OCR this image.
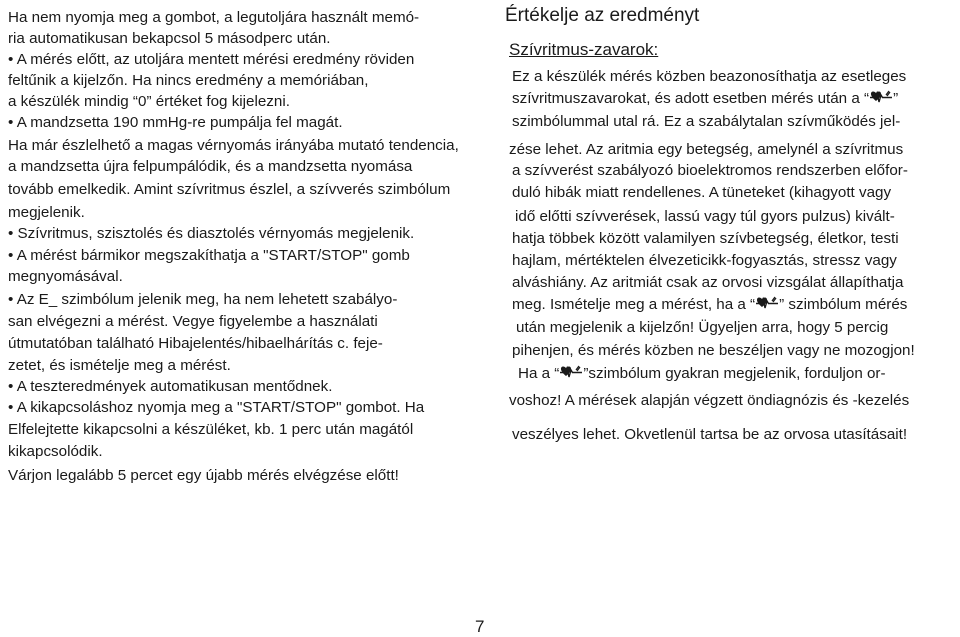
Ha nem nyomja meg a gombot, a legutoljára használt memó-
ria automatikusan bekapcsol 5 másodperc után.
• A mérés előtt, az utoljára mentett mérési eredmény röviden
feltűnik a kijelzőn. Ha nincs eredmény a memóriában,
a készülék mindig “0” értéket fog kijelezni.
• A mandzsetta 190 mmHg-re pumpálja fel magát.
Ha már észlelhető a magas vérnyomás irányába mutató tendencia,
a mandzsetta újra felpumpálódik, és a mandzsetta nyomása
tovább emelkedik. Amint szívritmus észlel, a szívverés szimbólum
megjelenik.
• Szívritmus, szisztolés és diasztolés vérnyomás megjelenik.
• A mérést bármikor megszakíthatja a "START/STOP" gomb
megnyomásával.
• Az E_ szimbólum jelenik meg, ha nem lehetett szabályo-
san elvégezni a mérést. Vegye figyelembe a használati
útmutatóban található Hibajelentés/hibaelhárítás c. feje-
zetet, és ismételje meg a mérést.
• A teszteredmények automatikusan mentődnek.
• A kikapcsoláshoz nyomja meg a "START/STOP" gombot. Ha
Elfelejtette kikapcsolni a készüléket, kb. 1 perc után magától
kikapcsolódik.
Várjon legalább 5 percet egy újabb mérés elvégzése előtt!
Értékelje az eredményt
Szívritmus-zavarok:
Ez a készülék mérés közben beazonosíthatja az esetleges
szívritmuszavarokat, és adott esetben mérés után a “ ”
szimbólummal utal rá. Ez a szabálytalan szívműködés jel-
zése lehet. Az aritmia egy betegség, amelynél a szívritmus
a szívverést szabályozó bioelektromos rendszerben előfor-
duló hibák miatt rendellenes. A tüneteket (kihagyott vagy
idő előtti szívverések, lassú vagy túl gyors pulzus) kivált-
hatja többek között valamilyen szívbetegség, életkor, testi
hajlam, mértéktelen élvezeticikk-fogyasztás, stressz vagy
alváshiány. Az aritmiát csak az orvosi vizsgálat állapíthatja
meg. Ismételje meg a mérést, ha a “ ” szimbólum mérés
után megjelenik a kijelzőn! Ügyeljen arra, hogy 5 percig
pihenjen, és mérés közben ne beszéljen vagy ne mozogjon!
Ha a “ ”szimbólum gyakran megjelenik, forduljon or-
voshoz! A mérések alapján végzett öndiagnózis és -kezelés
veszélyes lehet. Okvetlenül tartsa be az orvosa utasításait!
7
